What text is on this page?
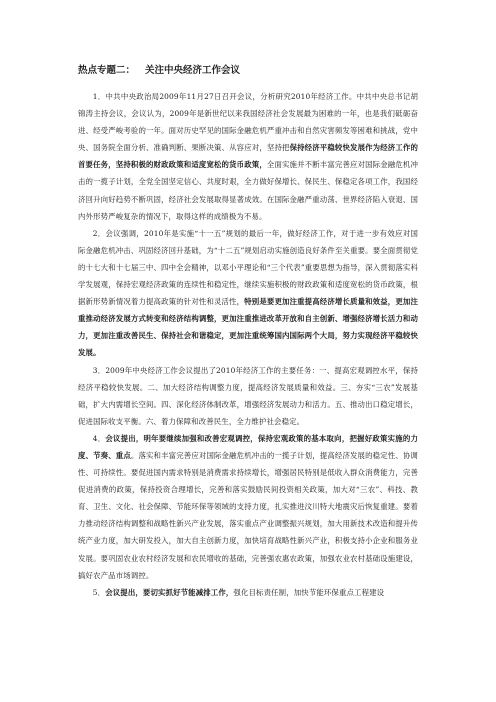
热点专题二： 关注中央经济工作会议

1．中共中央政治局2009年11月27日召开会议，分析研究2010年经济工作。中共中央总书记胡锦涛主持会议，会议认为，2009年是新世纪以来我国经济社会发展最为困难的一年，也是我们砥砺奋进、经受严峻考验的一年。面对历史罕见的国际金融危机严重冲击和自然灾害频发等困难和挑战，党中央、国务院全面分析、准确判断、果断决策、从容应对，坚持把保持经济平稳较快发展作为经济工作的首要任务，坚持积极的财政政策和适度宽松的货币政策，全面实施并不断丰富完善应对国际金融危机冲击的一揽子计划，全党全国坚定信心、共度时艰，全力做好保增长、保民生、保稳定各项工作，我国经济回升向好趋势不断巩固，经济社会发展取得显著成效。在国际金融严重动荡、世界经济陷入衰退、国内外形势严峻复杂的情况下，取得这样的成绩极为不易。

2．会议强调，2010年是实施“十一五”规划的最后一年，做好经济工作，对于进一步有效应对国际金融危机冲击、巩固经济回升基础，为“十二五”规划启动实施创造良好条件至关重要。要全面贯彻党的十七大和十七届三中、四中全会精神，以邓小平理论和“三个代表”重要思想为指导，深入贯彻落实科学发展观，保持宏观经济政策的连续性和稳定性，继续实施积极的财政政策和适度宽松的货币政策，根据新形势新情况着力提高政策的针对性和灵活性，特别是要更加注重提高经济增长质量和效益，更加注重推动经济发展方式转变和经济结构调整，更加注重推进改革开放和自主创新、增强经济增长活力和动力，更加注重改善民生、保持社会和谐稳定，更加注重统筹国内国际两个大局，努力实现经济平稳较快发展。

3．2009年中央经济工作会议提出了2010年经济工作的主要任务：一、提高宏观调控水平，保持经济平稳较快发展。二、加大经济结构调整力度，提高经济发展质量和效益。三、夯实“三农”发展基础，扩大内需增长空间。四、深化经济体制改革，增强经济发展动力和活力。五、推动出口稳定增长，促进国际收支平衡。六、着力保障和改善民生，全力维护社会稳定。

4．会议提出，明年要继续加强和改善宏观调控，保持宏观政策的基本取向，把握好政策实施的力度、节奏、重点。落实和丰富完善应对国际金融危机冲击的一揽子计划，提高经济发展的稳定性、协调性、可持续性。要促进国内需求特别是消费需求持续增长，增强居民特别是低收入群众消费能力，完善促进消费的政策，保持投资合理增长，完善和落实鼓励民间投资相关政策，加大对“三农”、科技、教育、卫生、文化、社会保障、节能环保等领域的支持力度，扎实推进汶川特大地震灾后恢复重建。要着力推动经济结构调整和战略性新兴产业发展，落实重点产业调整振兴规划，加大用新技术改造和提升传统产业力度，加大研发投入，加大自主创新力度，加快培育战略性新兴产业，积极支持小企业和服务业发展。要巩固农业农村经济发展和农民增收的基础，完善强农惠农政策，加强农业农村基础设施建设，搞好农产品市场调控。

5．会议提出，要切实抓好节能减排工作，强化目标责任制，加快节能环保重点工程建设
